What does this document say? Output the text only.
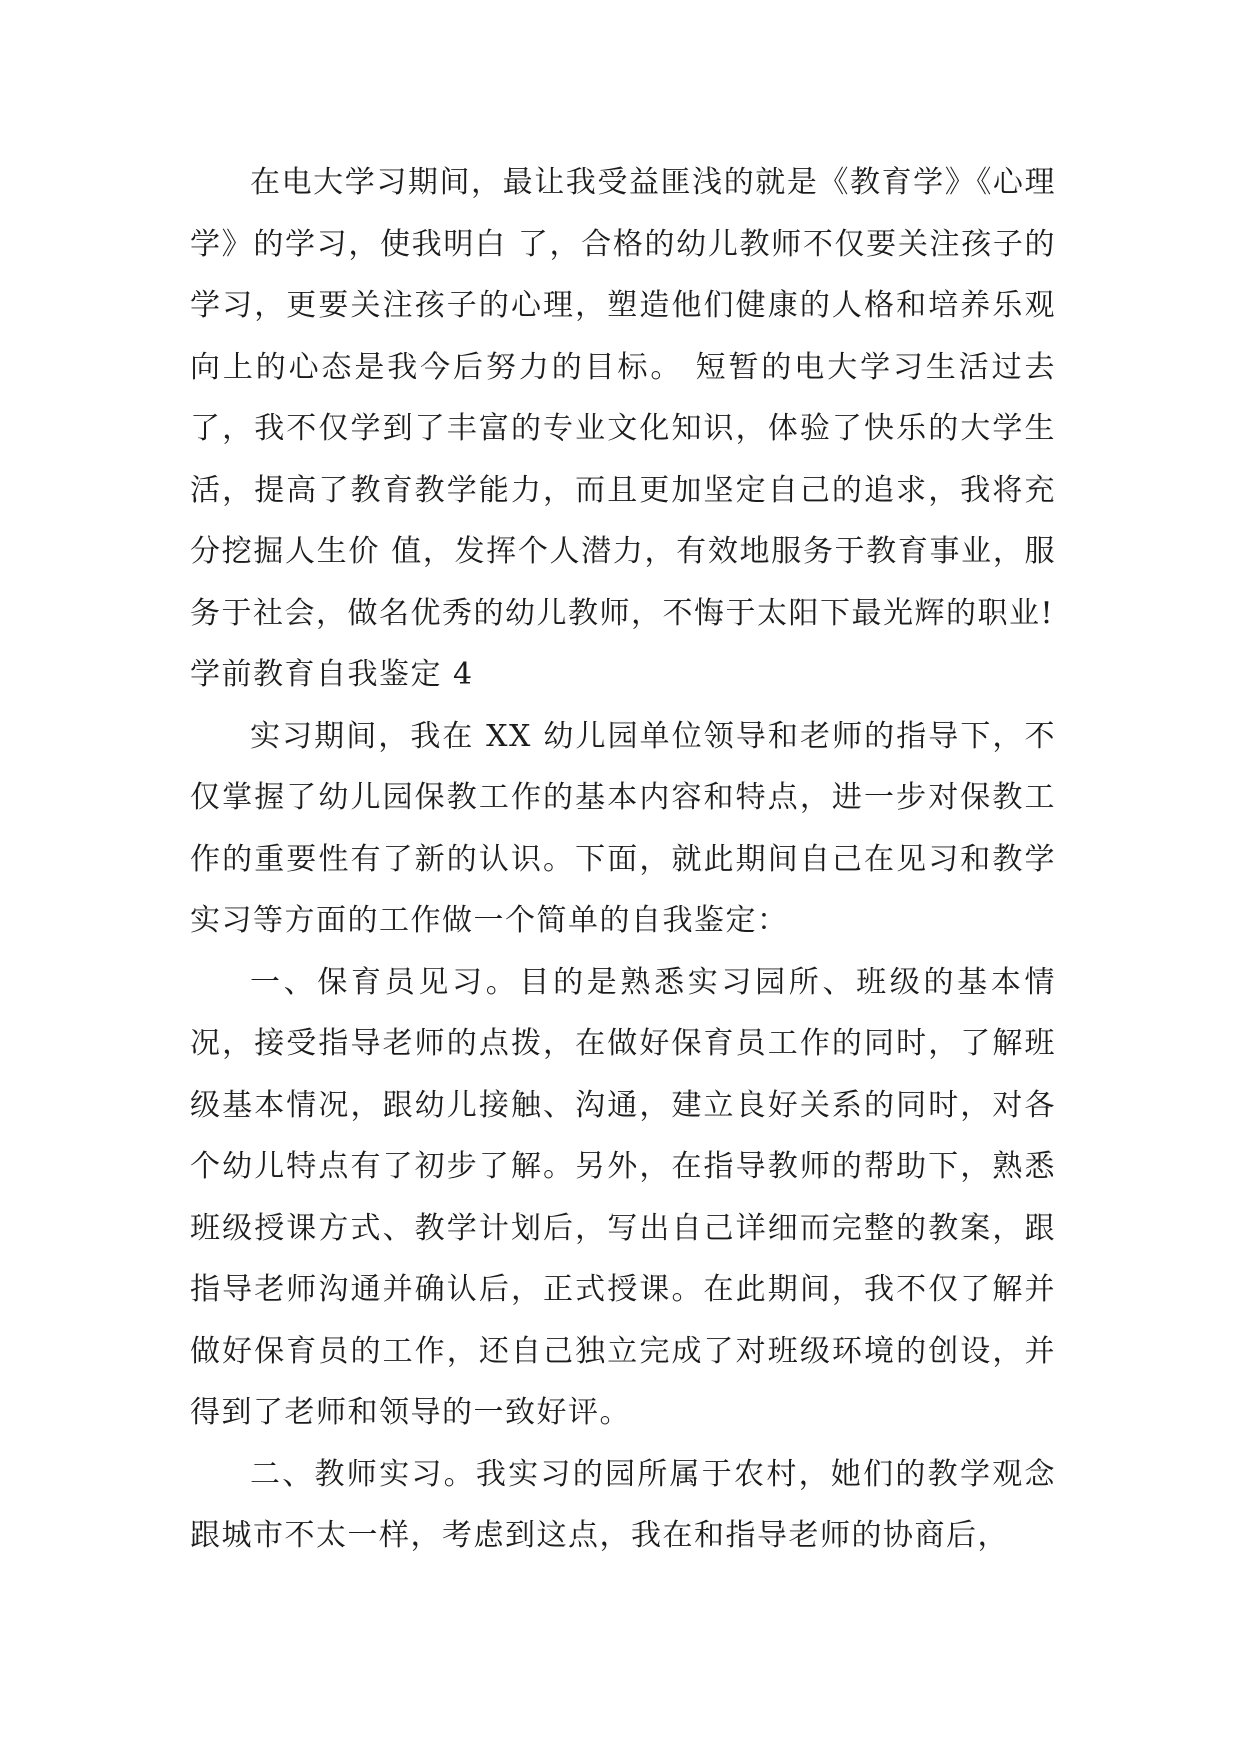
在电大学习期间，最让我受益匪浅的就是《教育学》《心理学》的学习，使我明白 了，合格的幼儿教师不仅要关注孩子的学习，更要关注孩子的心理，塑造他们健康的人格和培养乐观向上的心态是我今后努力的目标。 短暂的电大学习生活过去了，我不仅学到了丰富的专业文化知识，体验了快乐的大学生活，提高了教育教学能力，而且更加坚定自己的追求，我将充分挖掘人生价 值，发挥个人潜力，有效地服务于教育事业，服务于社会，做名优秀的幼儿教师，不悔于太阳下最光辉的职业!

学前教育自我鉴定 4

实习期间，我在 XX 幼儿园单位领导和老师的指导下，不仅掌握了幼儿园保教工作的基本内容和特点，进一步对保教工作的重要性有了新的认识。下面，就此期间自己在见习和教学实习等方面的工作做一个简单的自我鉴定：

一、保育员见习。目的是熟悉实习园所、班级的基本情况，接受指导老师的点拨，在做好保育员工作的同时，了解班级基本情况，跟幼儿接触、沟通，建立良好关系的同时，对各个幼儿特点有了初步了解。另外，在指导教师的帮助下，熟悉班级授课方式、教学计划后，写出自己详细而完整的教案，跟指导老师沟通并确认后，正式授课。在此期间，我不仅了解并做好保育员的工作，还自己独立完成了对班级环境的创设，并得到了老师和领导的一致好评。

二、教师实习。我实习的园所属于农村，她们的教学观念跟城市不太一样，考虑到这点，我在和指导老师的协商后，
